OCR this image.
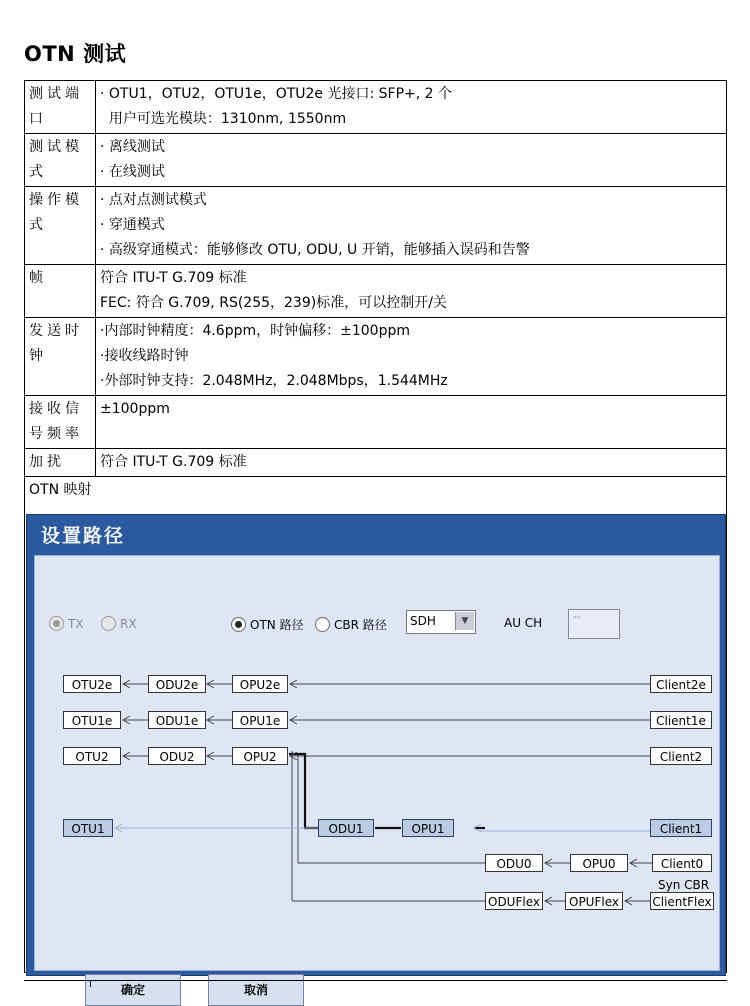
OTN 测试
测试端口	· OTU1，OTU2，OTU1e，OTU2e 光接口: SFP+, 2 个
用户可选光模块：1310nm, 1550nm

测试模式	· 离线测试
· 在线测试

操作模式	· 点对点测试模式
· 穿通模式
· 高级穿通模式：能够修改 OTU, ODU, U 开销，能够插入误码和告警

帧	符合 ITU-T G.709 标准
FEC: 符合 G.709, RS(255，239)标准，可以控制开/关

发送时钟	·内部时钟精度：4.6ppm，时钟偏移：±100ppm
·接收线路时钟
·外部时钟支持：2.048MHz，2.048Mbps，1.544MHz

接收信号频率	±100ppm

加扰	符合 ITU-T G.709 标准

OTN 映射	
设置路径
TX	RX	OTN 路径	CBR 路径 SDH	▼	AU CH	--
OTU2e	ODU2e	OPU2e	Client2e
OTU1e	ODU1e	OPU1e	Client1e
OTU2	ODU2	OPU2	Client2
OTU1	ODU1	OPU1	Client1
Syn CBR
ODU0	OPU0	Client0
ODUFlex	OPUFlex	ClientFlex
确定	取消
